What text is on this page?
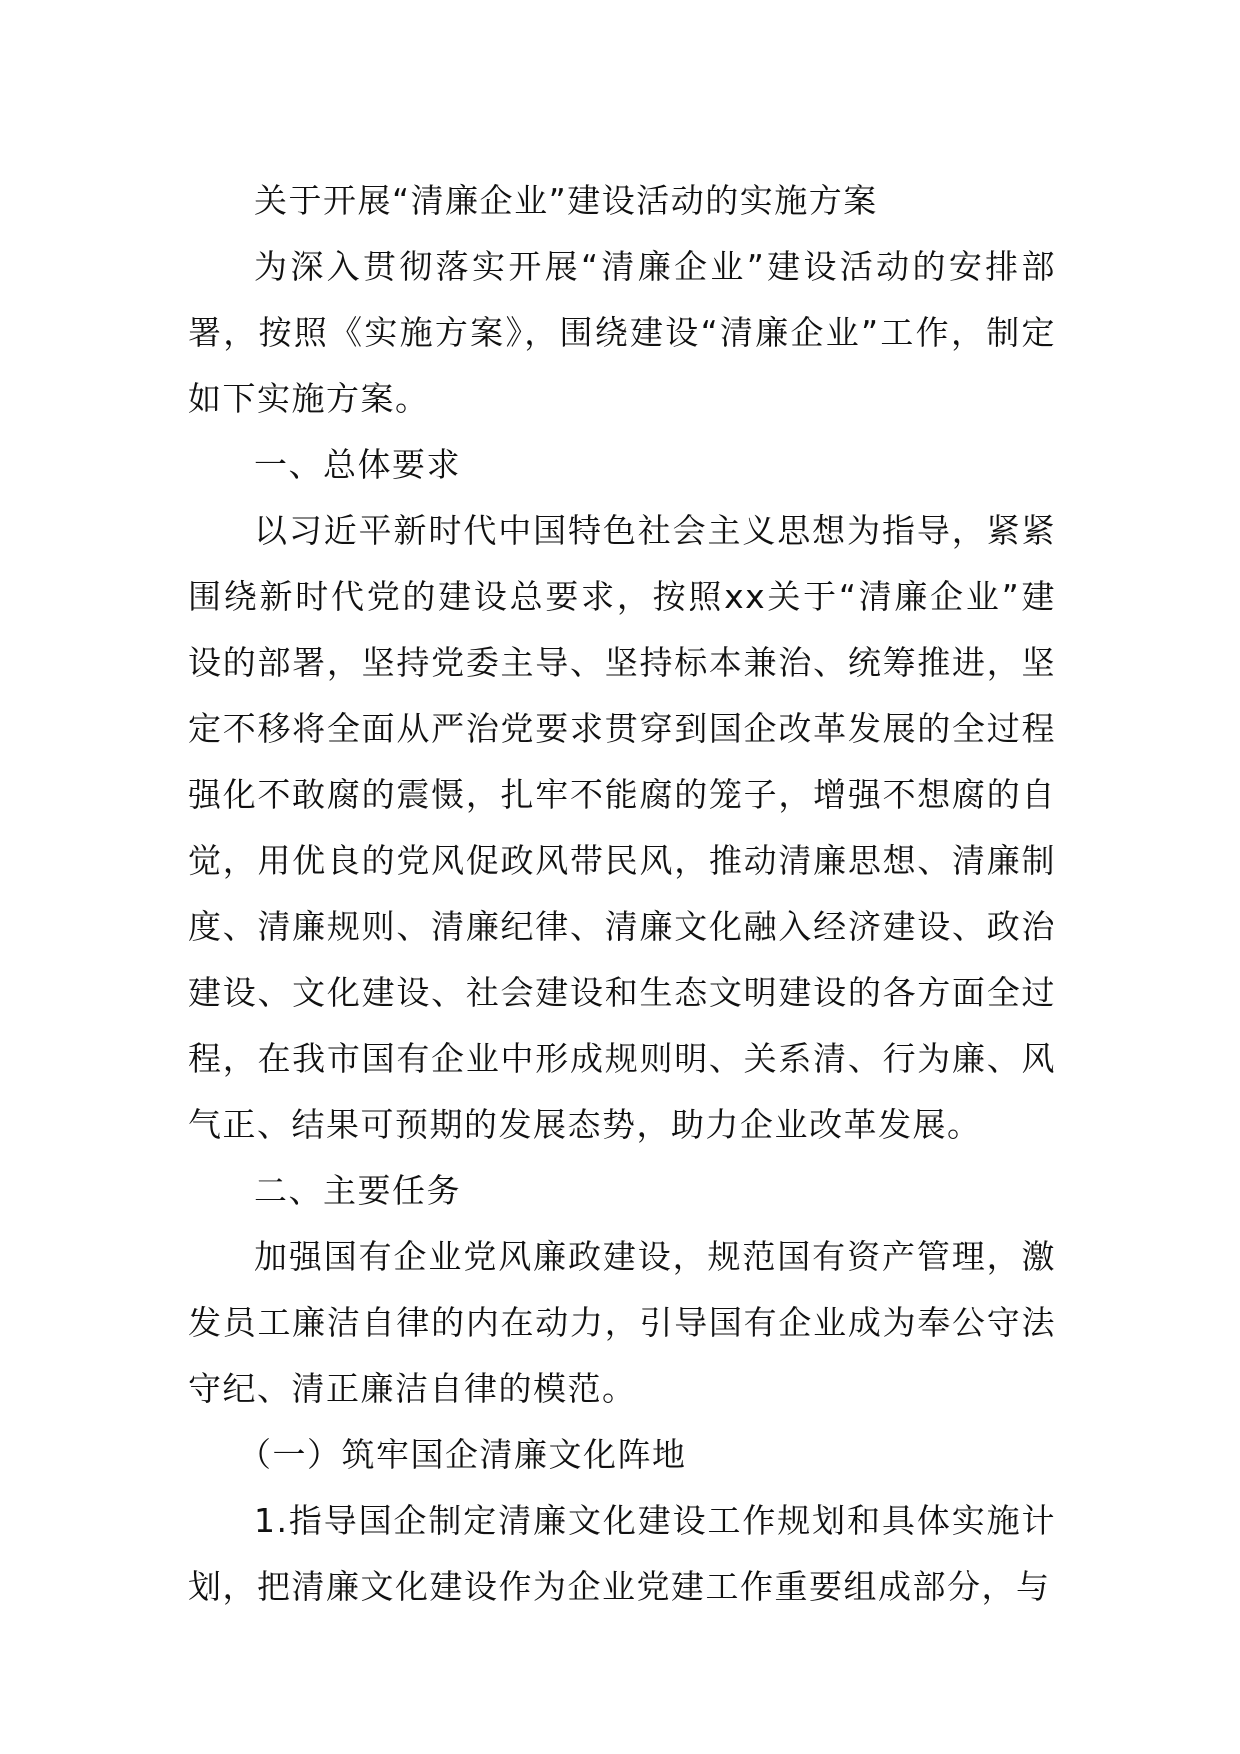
关于开展“清廉企业”建设活动的实施方案

为深入贯彻落实开展“清廉企业”建设活动的安排部署，按照《实施方案》，围绕建设“清廉企业”工作，制定如下实施方案。

一、总体要求

以习近平新时代中国特色社会主义思想为指导，紧紧围绕新时代党的建设总要求，按照xx关于“清廉企业”建设的部署，坚持党委主导、坚持标本兼治、统筹推进，坚定不移将全面从严治党要求贯穿到国企改革发展的全过程强化不敢腐的震慑，扎牢不能腐的笼子，增强不想腐的自觉，用优良的党风促政风带民风，推动清廉思想、清廉制度、清廉规则、清廉纪律、清廉文化融入经济建设、政治建设、文化建设、社会建设和生态文明建设的各方面全过程，在我市国有企业中形成规则明、关系清、行为廉、风气正、结果可预期的发展态势，助力企业改革发展。

二、主要任务

加强国有企业党风廉政建设，规范国有资产管理，激发员工廉洁自律的内在动力，引导国有企业成为奉公守法守纪、清正廉洁自律的模范。

（一）筑牢国企清廉文化阵地

1.指导国企制定清廉文化建设工作规划和具体实施计划，把清廉文化建设作为企业党建工作重要组成部分，与
